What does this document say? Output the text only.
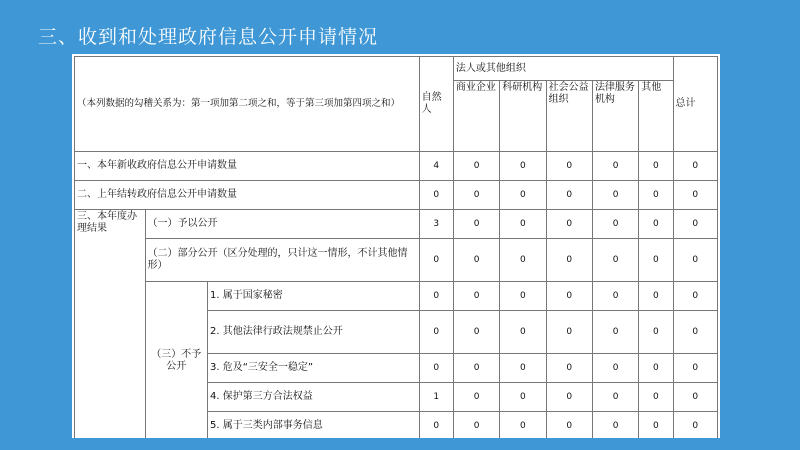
三、收到和处理政府信息公开申请情况
（本列数据的勾稽关系为：第一项加第二项之和，等于第三项加第四项之和）			自然人	法人或其他组织					总计
				商业企业	科研机构	社会公益组织	法律服务机构	其他	
一、本年新收政府信息公开申请数量			4	0	0	0	0	0	0
二、上年结转政府信息公开申请数量			0	0	0	0	0	0	0
三、本年度办理结果	（一）予以公开		3	0	0	0	0	0	0
	（二）部分公开（区分处理的，只计这一情形，不计其他情形）		0	0	0	0	0	0	0
	（三）不予公开	1. 属于国家秘密	0	0	0	0	0	0	0
		2. 其他法律行政法规禁止公开	0	0	0	0	0	0	0
		3. 危及“三安全一稳定”	0	0	0	0	0	0	0
		4. 保护第三方合法权益	1	0	0	0	0	0	0
		5. 属于三类内部事务信息	0	0	0	0	0	0	0
